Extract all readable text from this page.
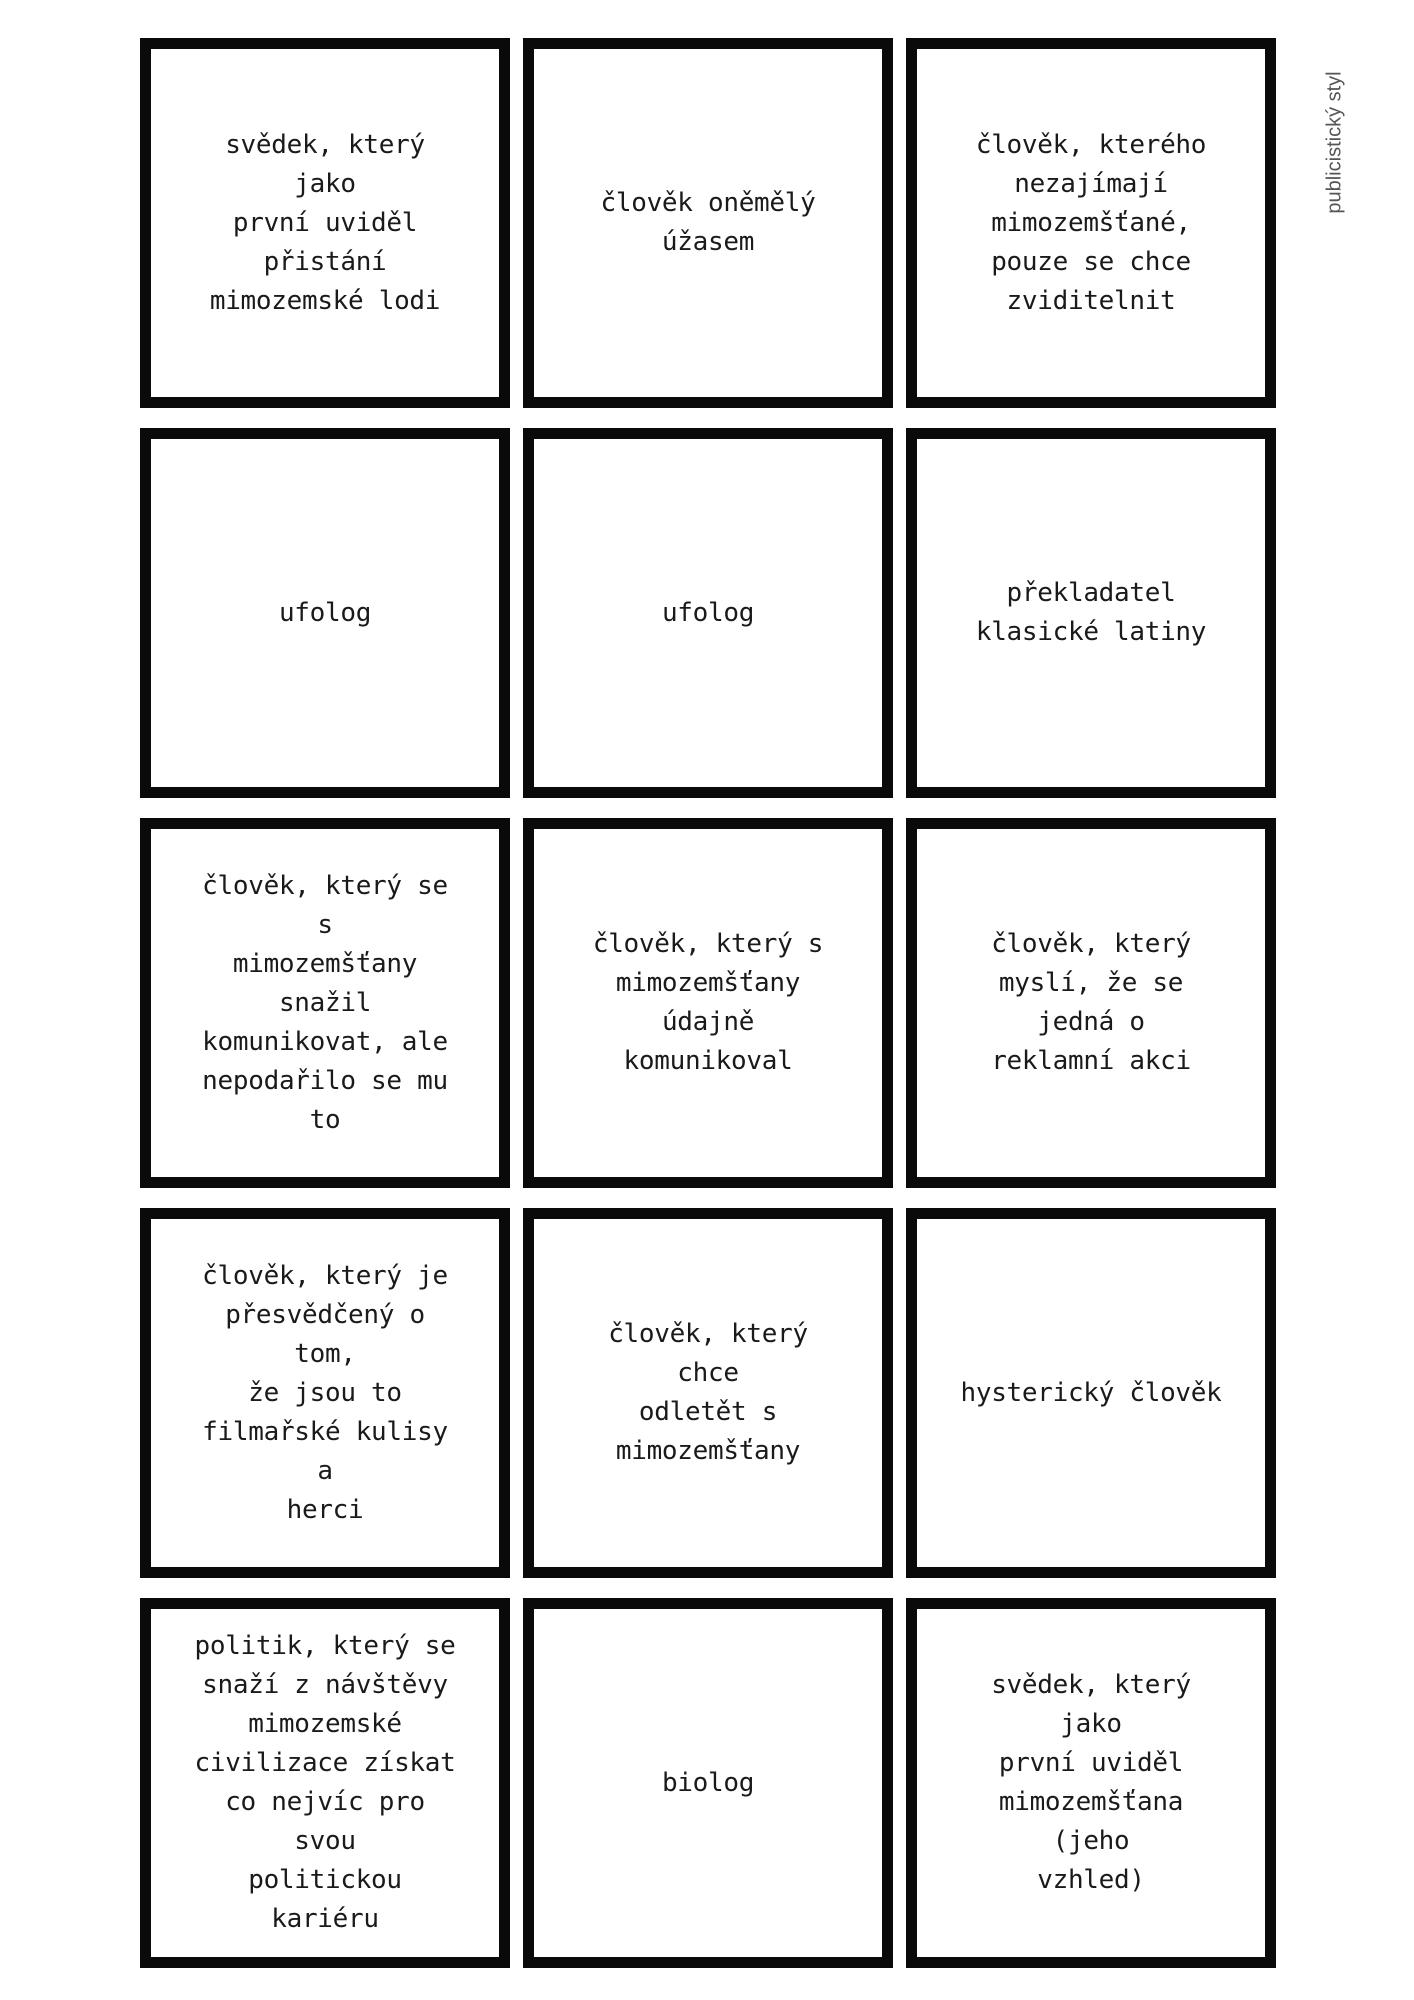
publicistický styl
svědek, který jako
první uviděl
přistání
mimozemské lodi
člověk oněmělý
úžasem
člověk, kterého
nezajímají
mimozemšťané,
pouze se chce
zviditelnit
ufolog	ufolog
překladatel
klasické latiny
člověk, který se s
mimozemšťany
snažil
komunikovat, ale
nepodařilo se mu
to
člověk, který s
mimozemšťany
údajně
komunikoval
člověk, který
myslí, že se jedná o
reklamní akci
člověk, který je
přesvědčený o tom,
že jsou to
filmařské kulisy a
herci
člověk, který chce
odletět s
mimozemšťany
hysterický člověk
politik, který se
snaží z návštěvy
mimozemské
civilizace získat
co nejvíc pro svou
politickou
kariéru
biolog
svědek, který jako
první uviděl
mimozemšťana (jeho
vzhled)
